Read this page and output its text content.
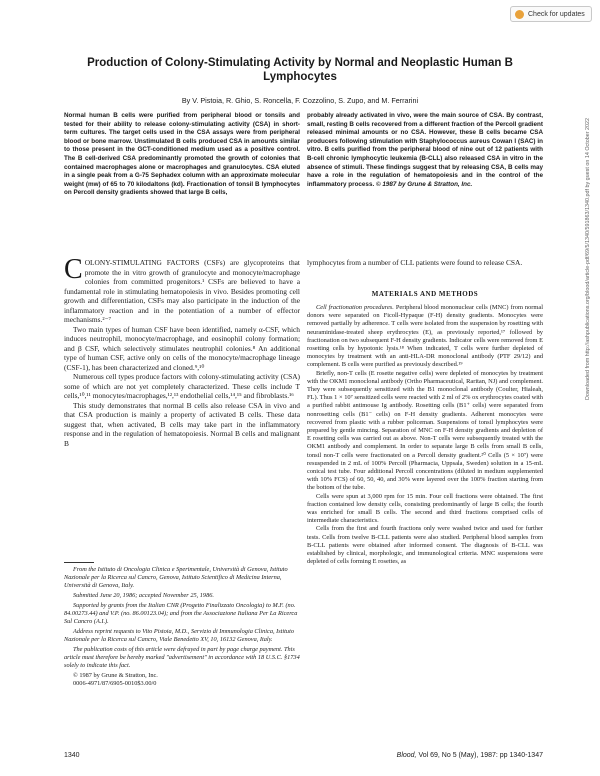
Check for updates
Production of Colony-Stimulating Activity by Normal and Neoplastic Human B Lymphocytes

By V. Pistoia, R. Ghio, S. Roncella, F. Cozzolino, S. Zupo, and M. Ferrarini

Normal human B cells were purified from peripheral blood or tonsils and tested for their ability to release colony-stimulating activity (CSA) in short-term cultures. The target cells used in the CSA assays were from peripheral blood or bone marrow. Unstimulated B cells produced CSA in amounts similar to those present in the GCT-conditioned medium used as a positive control. The B cell-derived CSA predominantly promoted the growth of colonies that contained macrophages alone or macrophages and granulocytes. CSA eluted in a single peak from a G-75 Sephadex column with an approximate molecular weight (mw) of 65 to 70 kilodaltons (kd). Fractionation of tonsil B lymphocytes on Percoll density gradients showed that large B cells,

probably already activated in vivo, were the main source of CSA. By contrast, small, resting B cells recovered from a different fraction of the Percoll gradient released minimal amounts or no CSA. However, these B cells became CSA producers following stimulation with Staphylococcus aureus Cowan I (SAC) in vitro. B cells purified from the peripheral blood of nine out of 12 patients with B-cell chronic lymphocytic leukemia (B-CLL) also released CSA in vitro in the absence of stimuli. These findings suggest that by releasing CSA, B cells may have a role in the regulation of hematopoiesis and in the control of the inflammatory process. © 1987 by Grune & Stratton, Inc.

COLONY-STIMULATING FACTORS (CSFs) are glycoproteins that promote the in vitro growth of granulocyte and monocyte/macrophage colonies from committed progenitors.¹ CSFs are believed to have a fundamental role in stimulating hematopoiesis in vivo. Besides promoting cell growth and differentiation, CSFs may also participate in the induction of the inflammatory reaction and in the potentiation of a number of effector mechanisms.²⁻⁷

Two main types of human CSF have been identified, namely α-CSF, which induces neutrophil, monocyte/macrophage, and eosinophil colony formation; and β CSF, which selectively stimulates neutrophil colonies.⁸ An additional type of human CSF, active only on cells of the monocyte/macrophage lineage (CSF-1), has been characterized and cloned.⁹,¹⁰

Numerous cell types produce factors with colony-stimulating activity (CSA) some of which are not yet completely characterized. These cells include T cells,¹⁰,¹¹ monocytes/macrophages,¹²,¹³ endothelial cells,¹⁴,¹⁵ and fibroblasts.¹⁶

This study demonstrates that normal B cells also release CSA in vivo and that CSA production is mainly a property of activated B cells. These data suggest that, when activated, B cells may take part in the inflammatory response and in the regulation of hematopoiesis. Normal B cells and malignant B

lymphocytes from a number of CLL patients were found to release CSA.

MATERIALS AND METHODS

Cell fractionation procedures. Peripheral blood mononuclear cells (MNC) from normal donors were separated on Ficoll-Hypaque (F-H) density gradients. Monocytes were removed partially by adherence. T cells were isolated from the suspension by rosetting with neuraminidase-treated sheep erythrocytes (E), as previously reported,¹⁷ followed by fractionation on two subsequent F-H density gradients. Indicator cells were removed from E rosetting cells by hypotonic lysis.¹⁸ When indicated, T cells were further depleted of monocytes by treatment with an anti-HLA-DR monoclonal antibody (PTF 29/12) and complement. B cells were purified as previously described.¹⁹

Briefly, non-T cells (E rosette negative cells) were depleted of monocytes by treatment with the OKM1 monoclonal antibody (Ortho Pharmaceutical, Raritan, NJ) and complement. They were subsequently sensitized with the B1 monoclonal antibody (Coulter, Hialeah, FL). Thus 1 × 10⁷ sensitized cells were reacted with 2 ml of 2% ox erythrocytes coated with a purified rabbit antimouse Ig antibody. Rosetting cells (B1⁺ cells) were separated from nonrosetting cells (B1⁻ cells) on F-H density gradients. Adherent monocytes were recovered from plastic with a rubber policeman. Suspensions of tonsil lymphocytes were prepared by gentle mincing. Separation of MNC on F-H density gradients and depletion of E rosetting cells was carried out as above. Non-T cells were subsequently treated with the OKM1 antibody and complement. In order to separate large B cells from small B cells, tonsil non-T cells were fractionated on a Percoll density gradient.²⁰ Cells (5 × 10⁷) were resuspended in 2 mL of 100% Percoll (Pharmacia, Uppsala, Sweden) solution in a 15-mL conical test tube. Four additional Percoll concentrations (diluted in medium supplemented with 10% FCS) of 60, 50, 40, and 30% were layered over the 100% fraction starting from the bottom of the tube.

Cells were spun at 3,000 rpm for 15 min. Four cell fractions were obtained. The first fraction contained low density cells, consisting predominantly of large B cells; the fourth was enriched for small B cells. The second and third fractions comprised cells of intermediate characteristics.

Cells from the first and fourth fractions only were washed twice and used for further tests. Cells from twelve B-CLL patients were also studied. Peripheral blood samples from B-CLL patients were obtained after informed consent. The diagnosis of B-CLL was established by clinical, morphologic, and immunological criteria. MNC suspensions were depleted of cells forming E rosettes, as

From the Istituto di Oncologia Clinica e Sperimentale, Università di Genova, Istituto Nazionale per la Ricerca sul Cancro, Genova, Istituto Scientifico di Medicina Interna, Università di Genova, Italy.

Submitted June 20, 1986; accepted November 25, 1986.

Supported by grants from the Italian CNR (Progetto Finalizzato Oncologia) to M.F. (no. 84.00273.44) and V.P. (no. 86.00123.04); and from the Associazione Italiana Per La Ricerca Sul Cancro (A.I.).

Address reprint requests to Vito Pistoia, M.D., Servizio di Immunologia Clinica, Istituto Nazionale per la Ricerca sul Cancro, Viale Benedetto XV, 10, 16132 Genova, Italy.

The publication costs of this article were defrayed in part by page charge payment. This article must therefore be hereby marked "advertisement" in accordance with 18 U.S.C. §1734 solely to indicate this fact.

© 1987 by Grune & Stratton, Inc.

0006-4971/87/6905-0010$3.00/0

Downloaded from http://ashpublications.org/blood/article-pdf/69/5/1340/591863/1340.pdf by guest on 14 October 2022

1340	Blood, Vol 69, No 5 (May), 1987: pp 1340-1347
